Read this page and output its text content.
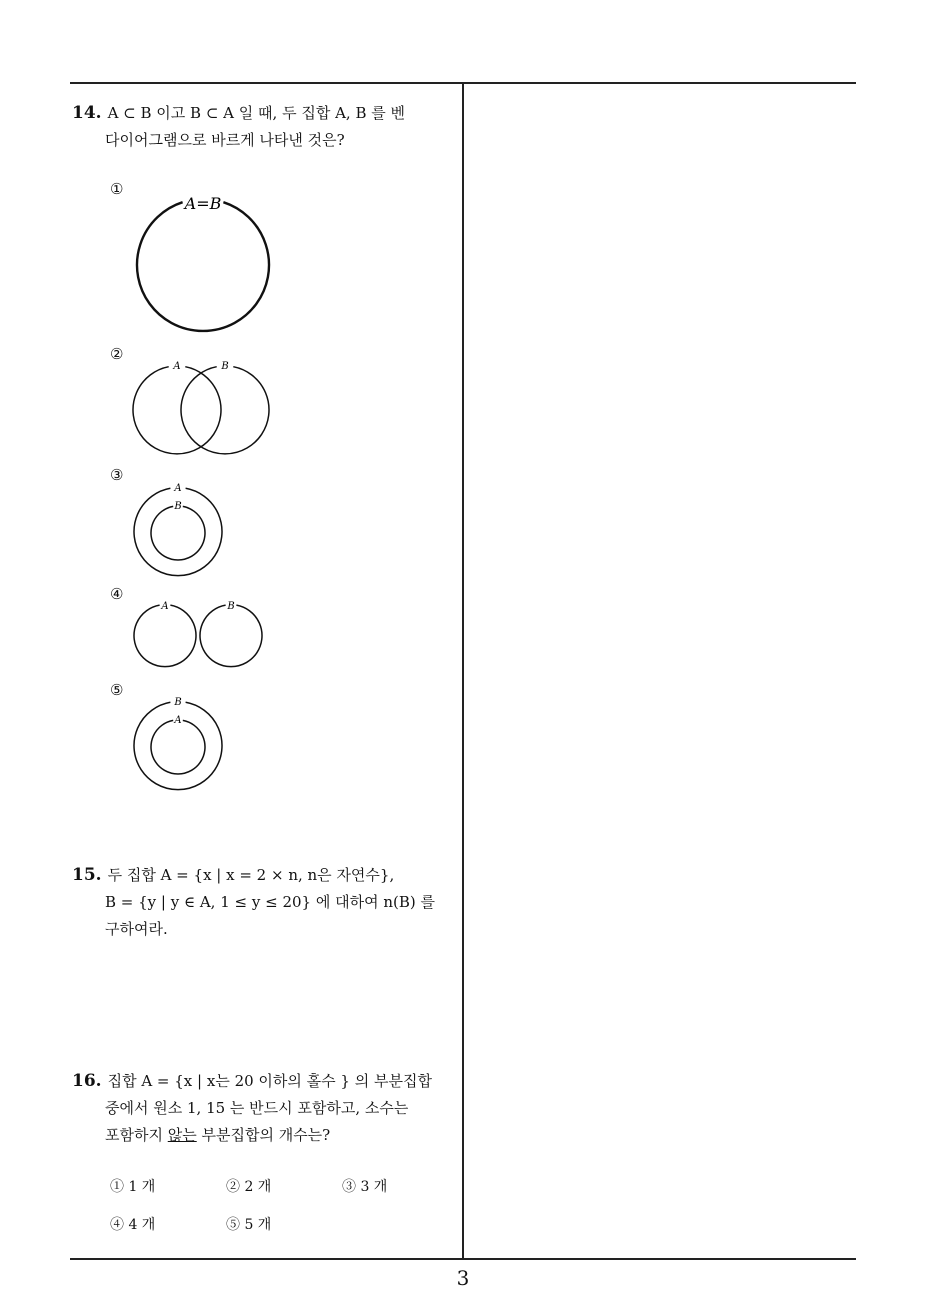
14. A ⊂ B 이고 B ⊂ A 일 때, 두 집합 A, B 를 벤
다이어그램으로 바르게 나타낸 것은?
①
A=B
②
A	B
③
A
B
④
A	B
⑤
B
A
15. 두 집합 A = {x | x = 2 × n, n은 자연수},
B = {y | y ∈ A, 1 ≤ y ≤ 20} 에 대하여 n(B) 를
구하여라.
16. 집합 A = {x | x는 20 이하의 홀수 } 의 부분집합
중에서 원소 1, 15 는 반드시 포함하고, 소수는
포함하지 않는 부분집합의 개수는?
① 1 개	② 2 개	③ 3 개
④ 4 개	⑤ 5 개
3
